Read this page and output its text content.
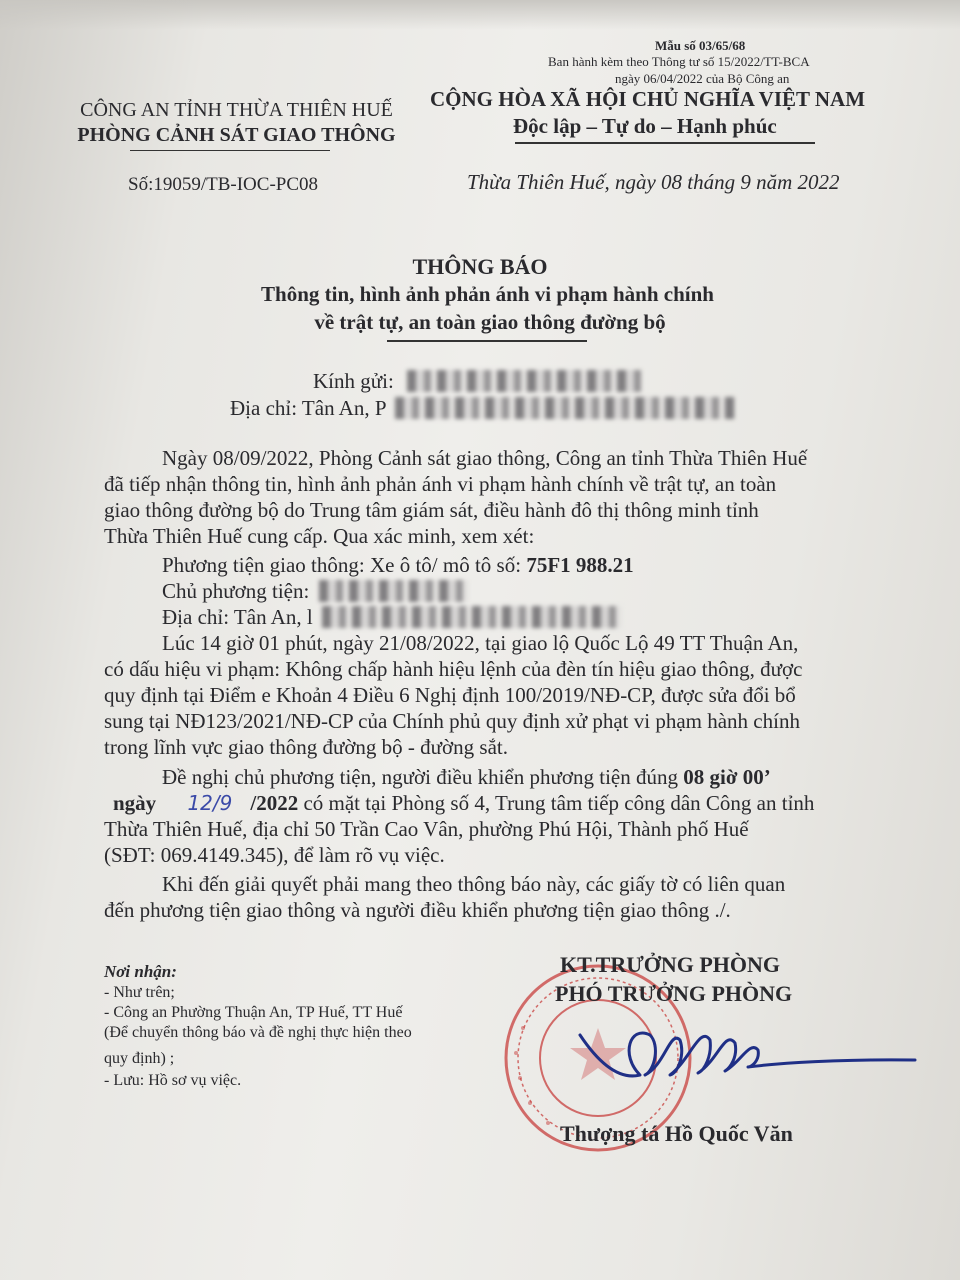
Mẫu số 03/65/68
Ban hành kèm theo Thông tư số 15/2022/TT-BCA
ngày 06/04/2022 của Bộ Công an
CÔNG AN TỈNH THỪA THIÊN HUẾ
PHÒNG CẢNH SÁT GIAO THÔNG
CỘNG HÒA XÃ HỘI CHỦ NGHĨA VIỆT NAM
Độc lập – Tự do – Hạnh phúc
Số:19059/TB-IOC-PC08	Thừa Thiên Huế, ngày 08 tháng 9 năm 2022
THÔNG BÁO
Thông tin, hình ảnh phản ánh vi phạm hành chính
về trật tự, an toàn giao thông đường bộ
Kính gửi:
Địa chỉ: Tân An, P
Ngày 08/09/2022, Phòng Cảnh sát giao thông, Công an tỉnh Thừa Thiên Huế
đã tiếp nhận thông tin, hình ảnh phản ánh vi phạm hành chính về trật tự, an toàn
giao thông đường bộ do Trung tâm giám sát, điều hành đô thị thông minh tỉnh
Thừa Thiên Huế cung cấp. Qua xác minh, xem xét:
Phương tiện giao thông: Xe ô tô/ mô tô số: 75F1 988.21
Chủ phương tiện:
Địa chỉ: Tân An, l
Lúc 14 giờ 01 phút, ngày 21/08/2022, tại giao lộ Quốc Lộ 49 TT Thuận An,
có dấu hiệu vi phạm: Không chấp hành hiệu lệnh của đèn tín hiệu giao thông, được
quy định tại Điểm e Khoản 4 Điều 6 Nghị định 100/2019/NĐ-CP, được sửa đổi bổ
sung tại NĐ123/2021/NĐ-CP của Chính phủ quy định xử phạt vi phạm hành chính
trong lĩnh vực giao thông đường bộ - đường sắt.
Đề nghị chủ phương tiện, người điều khiển phương tiện đúng 08 giờ 00’
ngày 12/9 /2022 có mặt tại Phòng số 4, Trung tâm tiếp công dân Công an tỉnh
Thừa Thiên Huế, địa chỉ 50 Trần Cao Vân, phường Phú Hội, Thành phố Huế
(SĐT: 069.4149.345), để làm rõ vụ việc.
Khi đến giải quyết phải mang theo thông báo này, các giấy tờ có liên quan
đến phương tiện giao thông và người điều khiển phương tiện giao thông ./.
Nơi nhận:
- Như trên;
- Công an Phường Thuận An, TP Huế, TT Huế
(Để chuyển thông báo và đề nghị thực hiện theo
quy định) ;
- Lưu: Hồ sơ vụ việc.
KT.TRƯỞNG PHÒNG
PHÓ TRƯỞNG PHÒNG
Thượng tá Hồ Quốc Văn
